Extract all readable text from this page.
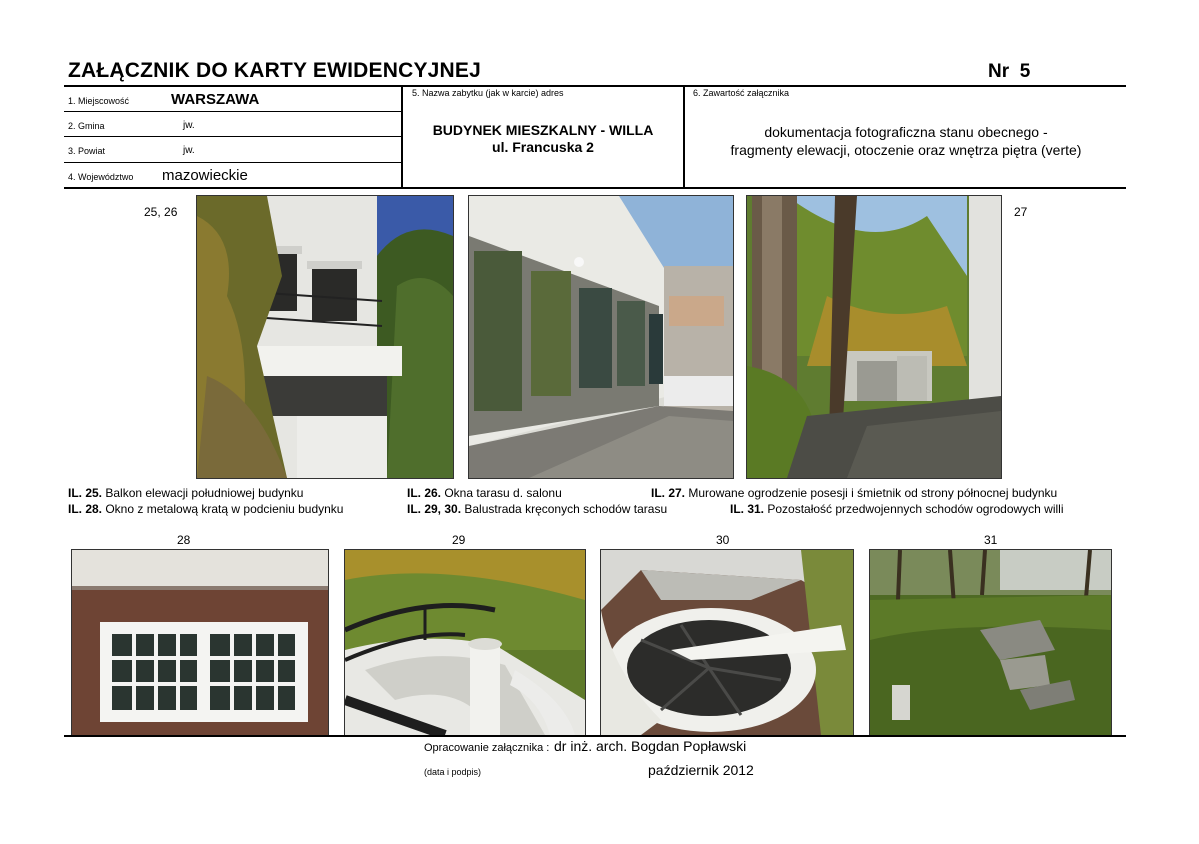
ZAŁĄCZNIK DO KARTY EWIDENCYJNEJ	Nr 5
1. Miejscowość	WARSZAWA
2. Gmina	jw.
3. Powiat	jw.
4. Województwo mazowieckie
5. Nazwa zabytku (jak w karcie) adres
BUDYNEK MIESZKALNY - WILLA
ul. Francuska 2
6. Zawartość załącznika
dokumentacja fotograficzna stanu obecnego -
fragmenty elewacji, otoczenie oraz wnętrza piętra (verte)
25, 26	27
IL. 25. Balkon elewacji południowej budynku	IL. 26. Okna tarasu d. salonu	IL. 27. Murowane ogrodzenie posesji i śmietnik od strony północnej budynku
IL. 28. Okno z metalową kratą w podcieniu budynku	IL. 29, 30. Balustrada kręconych schodów tarasu	IL. 31. Pozostałość przedwojennych schodów ogrodowych willi
28	29	30	31
Opracowanie załącznika : dr inż. arch. Bogdan Popławski
(data i podpis)	październik 2012
